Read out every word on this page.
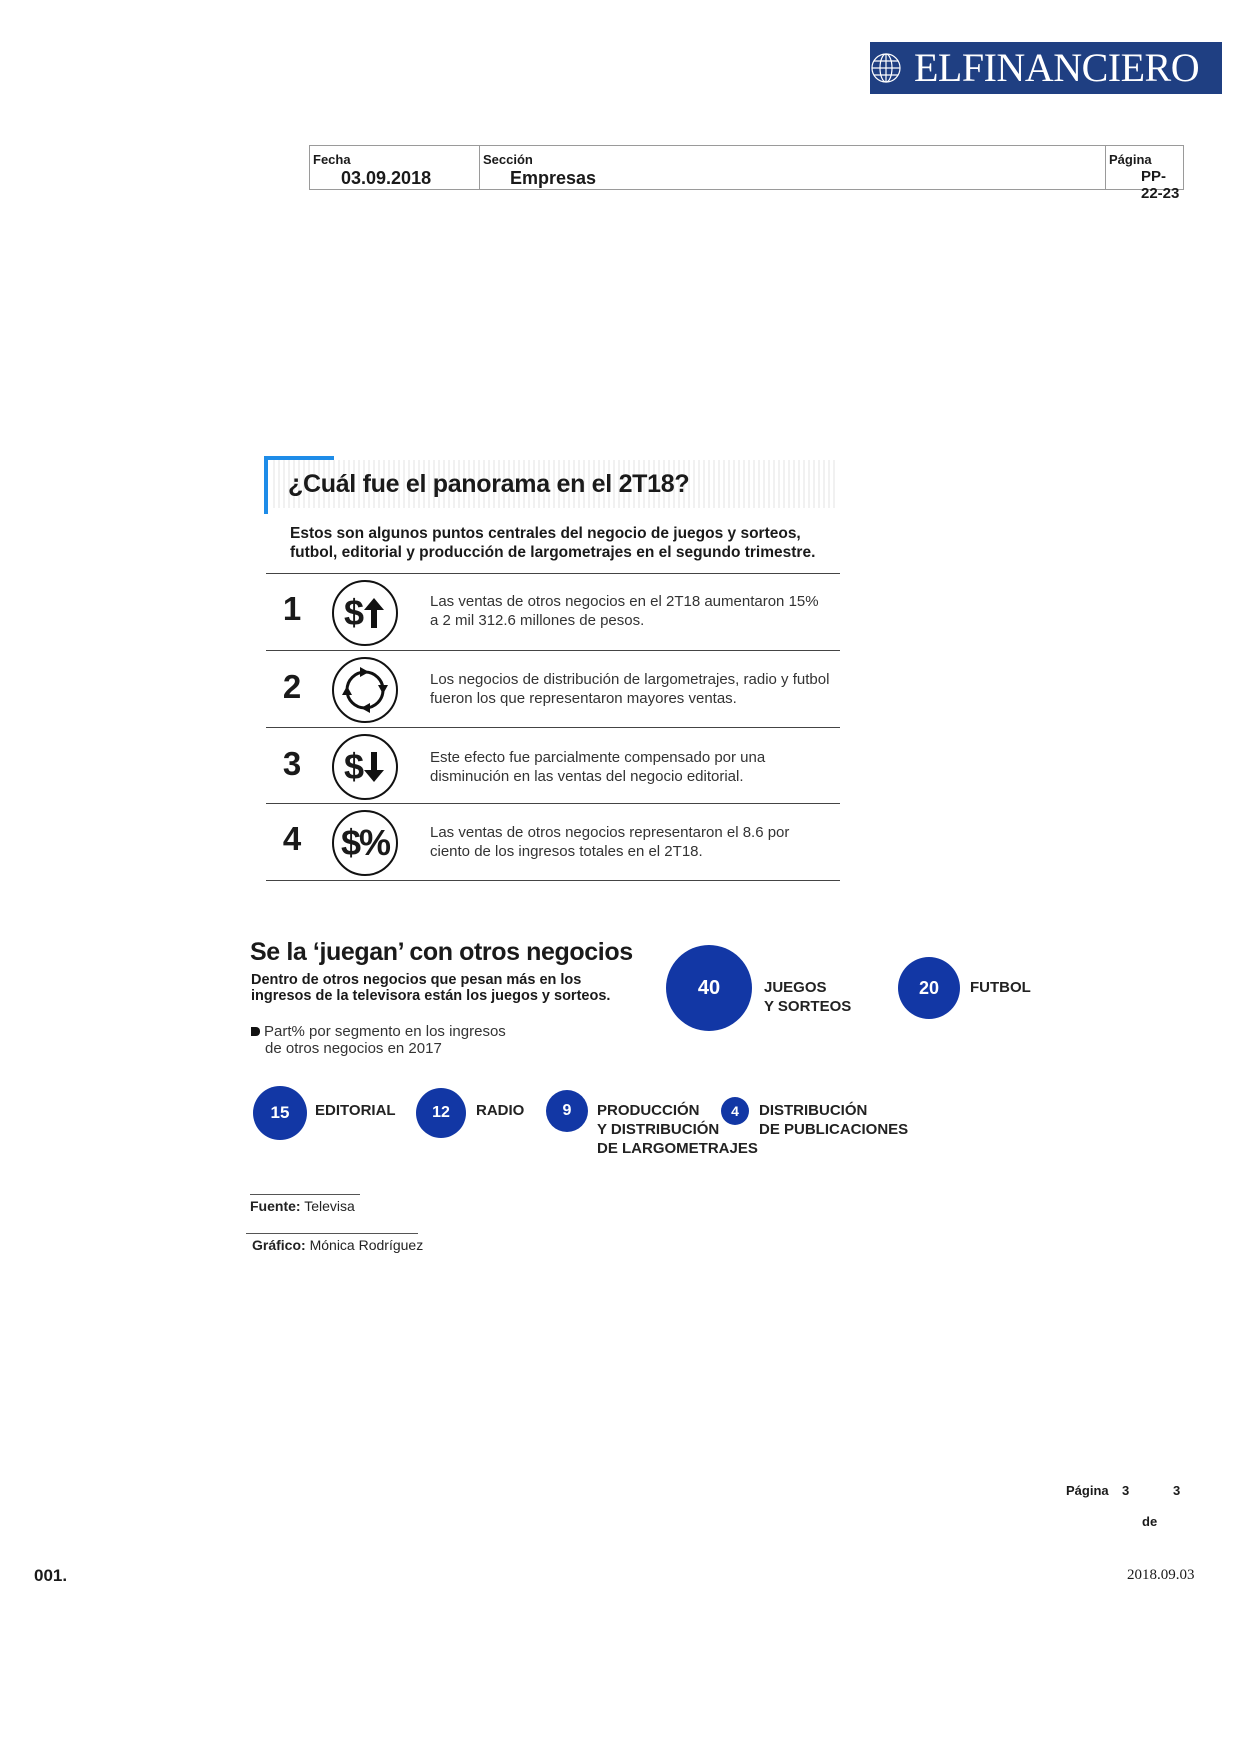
ELFINANCIERO
Fecha
03.09.2018
Sección
Empresas
Página
PP-22-23
¿Cuál fue el panorama en el 2T18?
Estos son algunos puntos centrales del negocio de juegos y sorteos, futbol, editorial y producción de largometrajes en el segundo trimestre.
1 $	Las ventas de otros negocios en el 2T18 aumentaron 15% a 2 mil 312.6 millones de pesos.
2	Los negocios de distribución de largometrajes, radio y futbol fueron los que representaron mayores ventas.
3 $	Este efecto fue parcialmente compensado por una disminución en las ventas del negocio editorial.
4 $%	Las ventas de otros negocios representaron el 8.6 por ciento de los ingresos totales en el 2T18.
Se la ‘juegan’ con otros negocios
Dentro de otros negocios que pesan más en los ingresos de la televisora están los juegos y sorteos.
Part% por segmento en los ingresos
de otros negocios en 2017
40	JUEGOS
Y SORTEOS
20 FUTBOL
15 EDITORIAL 12 RADIO 9 PRODUCCIÓN
Y DISTRIBUCIÓN
DE LARGOMETRAJES
4 DISTRIBUCIÓN
DE PUBLICACIONES
Fuente: Televisa
Gráfico: Mónica Rodríguez
Página 3	3
de
001.	2018.09.03
